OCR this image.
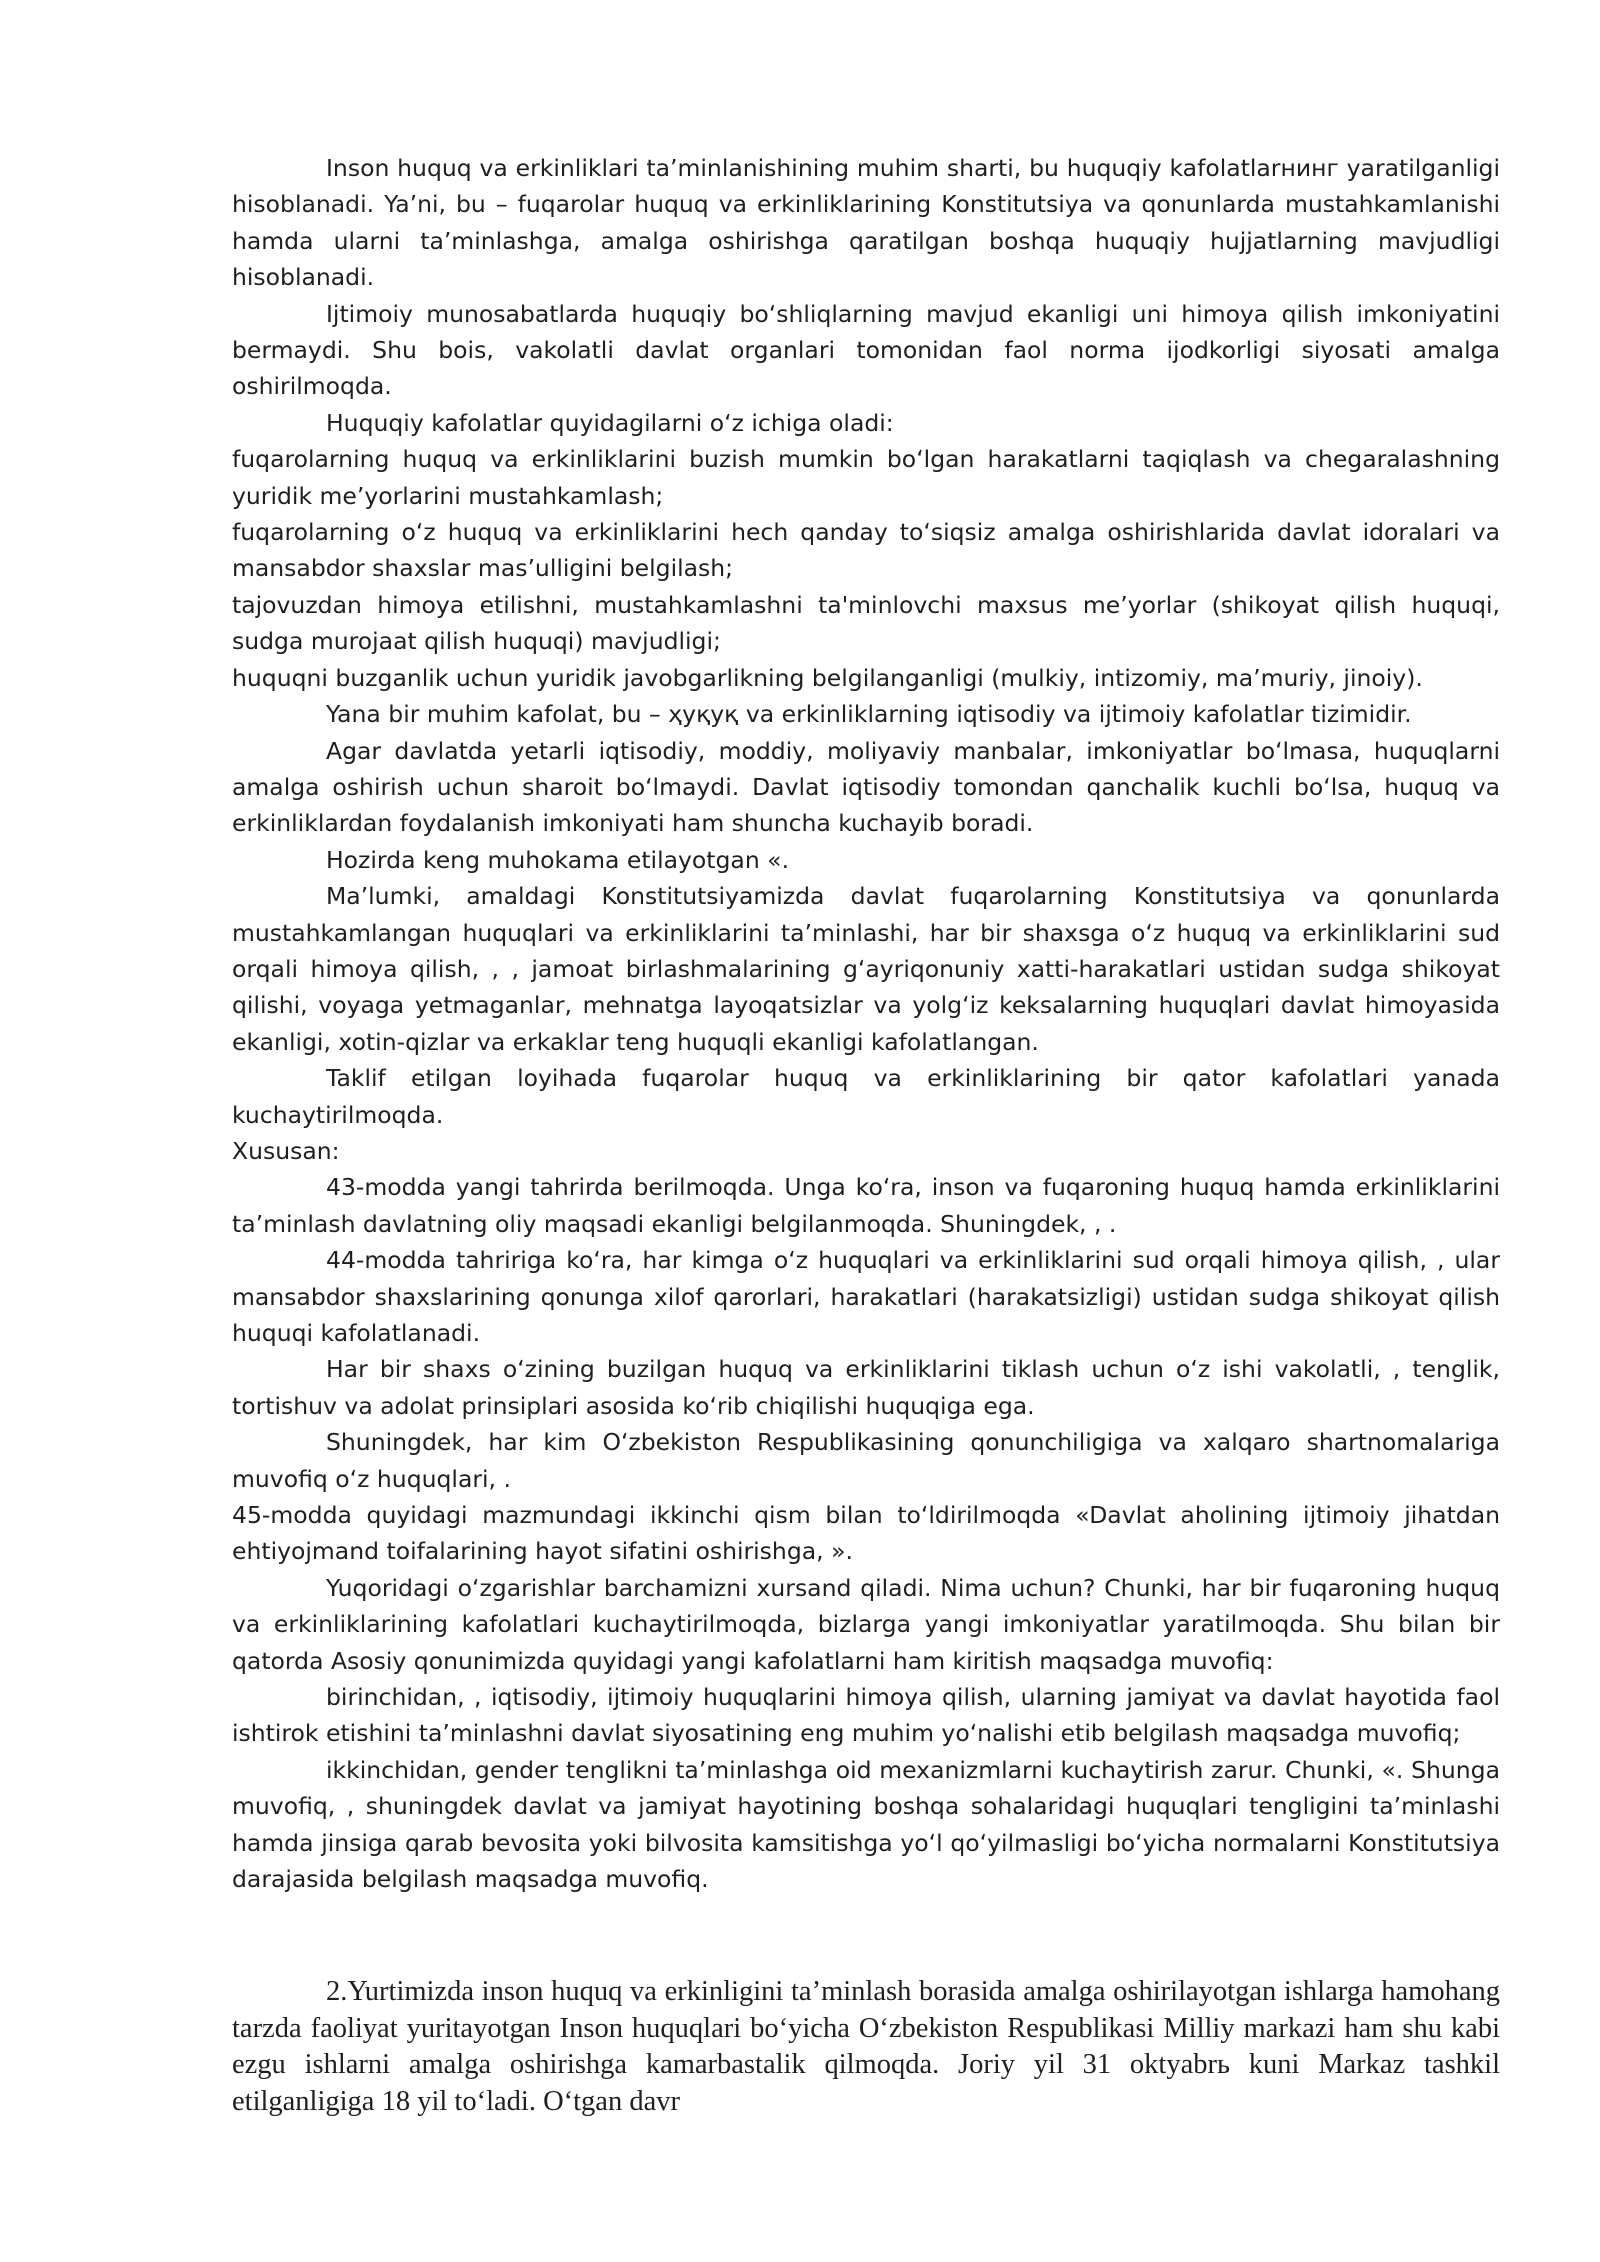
Inson huquq va erkinliklari ta’minlanishining muhim sharti, bu huquqiy kafolatlarнинг yaratilganligi hisoblanadi. Ya’ni, bu – fuqarolar huquq va erkinliklarining Konstitutsiya va qonunlarda mustahkamlanishi hamda ularni ta’minlashga, amalga oshirishga qaratilgan boshqa huquqiy hujjatlarning mavjudligi hisoblanadi.

Ijtimoiy munosabatlarda huquqiy boʻshliqlarning mavjud ekanligi uni himoya qilish imkoniyatini bermaydi. Shu bois, vakolatli davlat organlari tomonidan faol norma ijodkorligi siyosati amalga oshirilmoqda.

Huquqiy kafolatlar quyidagilarni oʻz ichiga oladi:

fuqarolarning huquq va erkinliklarini buzish mumkin boʻlgan harakatlarni taqiqlash va chegaralashning yuridik me’yorlarini mustahkamlash;

fuqarolarning oʻz huquq va erkinliklarini hech qanday toʻsiqsiz amalga oshirishlarida davlat idoralari va mansabdor shaxslar mas’ulligini belgilash;

tajovuzdan himoya etilishni, mustahkamlashni ta'minlovchi maxsus me’yorlar (shikoyat qilish huquqi, sudga murojaat qilish huquqi) mavjudligi;

huquqni buzganlik uchun yuridik javobgarlikning belgilanganligi (mulkiy, intizomiy, ma’muriy, jinoiy).

Yana bir muhim kafolat, bu – ҳуқуқ va erkinliklarning iqtisodiy va ijtimoiy kafolatlar tizimidir.

Agar davlatda yetarli iqtisodiy, moddiy, moliyaviy manbalar, imkoniyatlar boʻlmasa, huquqlarni amalga oshirish uchun sharoit boʻlmaydi. Davlat iqtisodiy tomondan qanchalik kuchli boʻlsa, huquq va erkinliklardan foydalanish imkoniyati ham shuncha kuchayib boradi.

Hozirda keng muhokama etilayotgan «.

Ma’lumki, amaldagi Konstitutsiyamizda davlat fuqarolarning Konstitutsiya va qonunlarda mustahkamlangan huquqlari va erkinliklarini ta’minlashi, har bir shaxsga oʻz huquq va erkinliklarini sud orqali himoya qilish, , , jamoat birlashmalarining gʻayriqonuniy xatti-harakatlari ustidan sudga shikoyat qilishi, voyaga yetmaganlar, mehnatga layoqatsizlar va yolgʻiz keksalarning huquqlari davlat himoyasida ekanligi, xotin-qizlar va erkaklar teng huquqli ekanligi kafolatlangan.

Taklif etilgan loyihada fuqarolar huquq va erkinliklarining bir qator kafolatlari yanada kuchaytirilmoqda.

Xususan:

43-modda yangi tahrirda berilmoqda. Unga koʻra, inson va fuqaroning huquq hamda erkinliklarini ta’minlash davlatning oliy maqsadi ekanligi belgilanmoqda. Shuningdek, , .

44-modda tahririga koʻra, har kimga oʻz huquqlari va erkinliklarini sud orqali himoya qilish, , ular mansabdor shaxslarining qonunga xilof qarorlari, harakatlari (harakatsizligi) ustidan sudga shikoyat qilish huquqi kafolatlanadi.

Har bir shaxs oʻzining buzilgan huquq va erkinliklarini tiklash uchun oʻz ishi vakolatli, , tenglik, tortishuv va adolat prinsiplari asosida koʻrib chiqilishi huquqiga ega.

Shuningdek, har kim Oʻzbekiston Respublikasining qonunchiligiga va xalqaro shartnomalariga muvofiq oʻz huquqlari, .

45-modda quyidagi mazmundagi ikkinchi qism bilan toʻldirilmoqda «Davlat aholining ijtimoiy jihatdan ehtiyojmand toifalarining hayot sifatini oshirishga, ».

Yuqoridagi oʻzgarishlar barchamizni xursand qiladi. Nima uchun? Chunki, har bir fuqaroning huquq va erkinliklarining kafolatlari kuchaytirilmoqda, bizlarga yangi imkoniyatlar yaratilmoqda. Shu bilan bir qatorda Asosiy qonunimizda quyidagi yangi kafolatlarni ham kiritish maqsadga muvofiq:

birinchidan, , iqtisodiy, ijtimoiy huquqlarini himoya qilish, ularning jamiyat va davlat hayotida faol ishtirok etishini ta’minlashni davlat siyosatining eng muhim yoʻnalishi etib belgilash maqsadga muvofiq;

ikkinchidan, gender tenglikni ta’minlashga oid mexanizmlarni kuchaytirish zarur. Chunki, «. Shunga muvofiq, , shuningdek davlat va jamiyat hayotining boshqa sohalaridagi huquqlari tengligini ta’minlashi hamda jinsiga qarab bevosita yoki bilvosita kamsitishga yoʻl qoʻyilmasligi boʻyicha normalarni Konstitutsiya darajasida belgilash maqsadga muvofiq.

2.Yurtimizda inson huquq va erkinligini ta’minlash borasida amalga oshirilayotgan ishlarga hamohang tarzda faoliyat yuritayotgan Inson huquqlari boʻyicha Oʻzbekiston Respublikasi Milliy markazi ham shu kabi ezgu ishlarni amalga oshirishga kamarbastalik qilmoqda. Joriy yil 31 oktyabrь kuni Markaz tashkil etilganligiga 18 yil toʻladi. Oʻtgan davr
